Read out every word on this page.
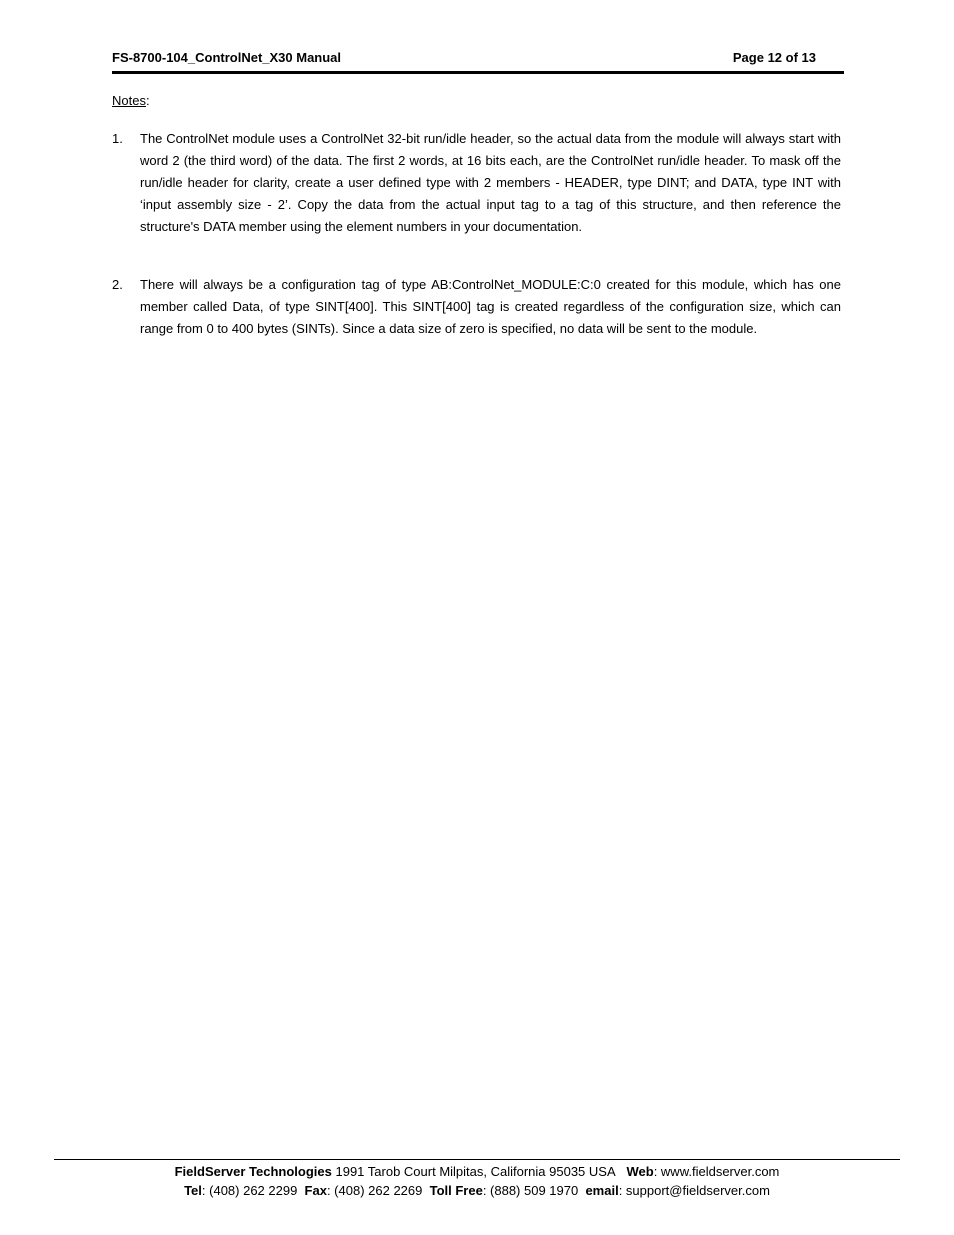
FS-8700-104_ControlNet_X30 Manual	Page 12 of 13
Notes:
1. The ControlNet module uses a ControlNet 32-bit run/idle header, so the actual data from the module will always start with word 2 (the third word) of the data. The first 2 words, at 16 bits each, are the ControlNet run/idle header. To mask off the run/idle header for clarity, create a user defined type with 2 members - HEADER, type DINT; and DATA, type INT with ‘input assembly size - 2’. Copy the data from the actual input tag to a tag of this structure, and then reference the structure's DATA member using the element numbers in your documentation.
2. There will always be a configuration tag of type AB:ControlNet_MODULE:C:0 created for this module, which has one member called Data, of type SINT[400]. This SINT[400] tag is created regardless of the configuration size, which can range from 0 to 400 bytes (SINTs). Since a data size of zero is specified, no data will be sent to the module.
FieldServer Technologies 1991 Tarob Court Milpitas, California 95035 USA Web: www.fieldserver.com
Tel: (408) 262 2299 Fax: (408) 262 2269 Toll Free: (888) 509 1970 email: support@fieldserver.com
